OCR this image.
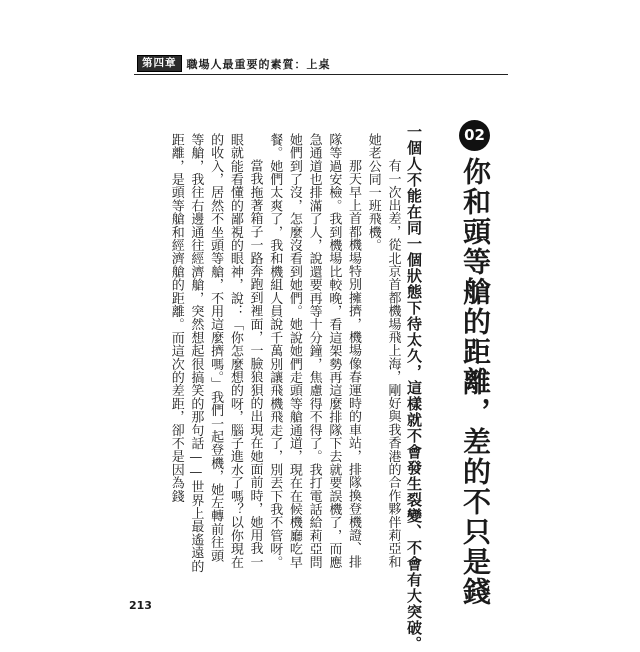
第四章 職場人最重要的素質：上桌
02
你和頭等艙的距離，差的不只是錢
一個人不能在同一個狀態下待太久，這樣就不會發生裂變、不會有大突破。

有一次出差，從北京首都機場飛上海，剛好與我香港的合作夥伴莉亞和她老公同一班飛機。

那天早上首都機場特別擁擠，機場像春運時的車站，排隊換登機證、排隊等過安檢。我到機場比較晚，看這架勢再這麼排隊下去就要誤機了，而應急通道也排滿了人，說還要再等十分鐘，焦慮得不得了。我打電話給莉亞問她們到了沒，怎麼沒看到她們。她說她們走頭等艙通道，現在在候機廳吃早餐。她們太爽了，我和機組人員說千萬別讓飛機飛走了，別丟下我不管呀。

當我拖著箱子一路奔跑到裡面，一臉狼狽的出現在她面前時，她用我一眼就能看懂的鄙視的眼神，說：「你怎麼想的呀，腦子進水了嗎？以你現在的收入，居然不坐頭等艙，不用這麼擠嗎。」我們一起登機，她左轉前往頭等艙，我往右邊通往經濟艙，突然想起很搞笑的那句話——世界上最遙遠的距離，是頭等艙和經濟艙的距離。而這次的差距，卻不是因為錢

213
